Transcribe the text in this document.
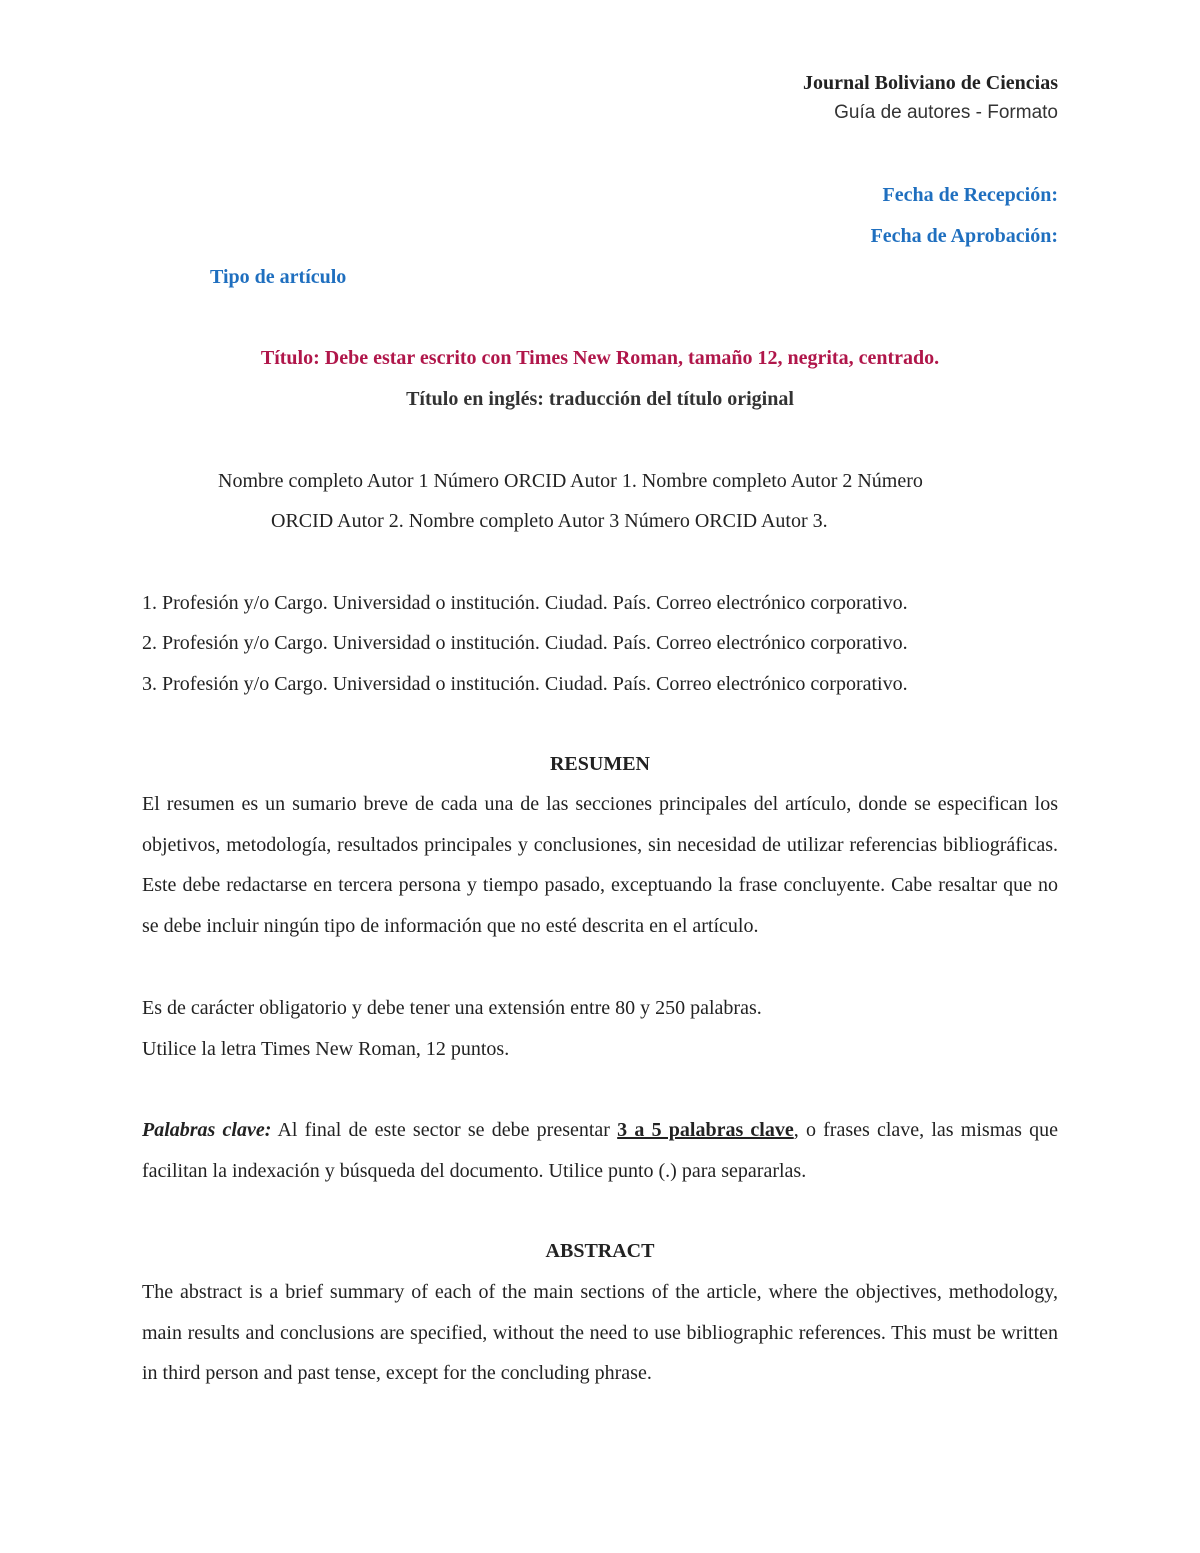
Journal Boliviano de Ciencias
Guía de autores - Formato
Fecha de Recepción:
Fecha de Aprobación:
Tipo de artículo
Título: Debe estar escrito con Times New Roman, tamaño 12, negrita, centrado.
Título en inglés: traducción del título original
Nombre completo Autor 1 Número ORCID Autor 1. Nombre completo Autor 2 Número
ORCID Autor 2. Nombre completo Autor 3 Número ORCID Autor 3.
1. Profesión y/o Cargo. Universidad o institución. Ciudad. País. Correo electrónico corporativo.
2. Profesión y/o Cargo. Universidad o institución. Ciudad. País. Correo electrónico corporativo.
3. Profesión y/o Cargo. Universidad o institución. Ciudad. País. Correo electrónico corporativo.
RESUMEN
El resumen es un sumario breve de cada una de las secciones principales del artículo, donde se especifican los objetivos, metodología, resultados principales y conclusiones, sin necesidad de utilizar referencias bibliográficas. Este debe redactarse en tercera persona y tiempo pasado, exceptuando la frase concluyente. Cabe resaltar que no se debe incluir ningún tipo de información que no esté descrita en el artículo.
Es de carácter obligatorio y debe tener una extensión entre 80 y 250 palabras.
Utilice la letra Times New Roman, 12 puntos.
Palabras clave: Al final de este sector se debe presentar 3 a 5 palabras clave, o frases clave, las mismas que facilitan la indexación y búsqueda del documento. Utilice punto (.) para separarlas.
ABSTRACT
The abstract is a brief summary of each of the main sections of the article, where the objectives, methodology, main results and conclusions are specified, without the need to use bibliographic references. This must be written in third person and past tense, except for the concluding phrase.
